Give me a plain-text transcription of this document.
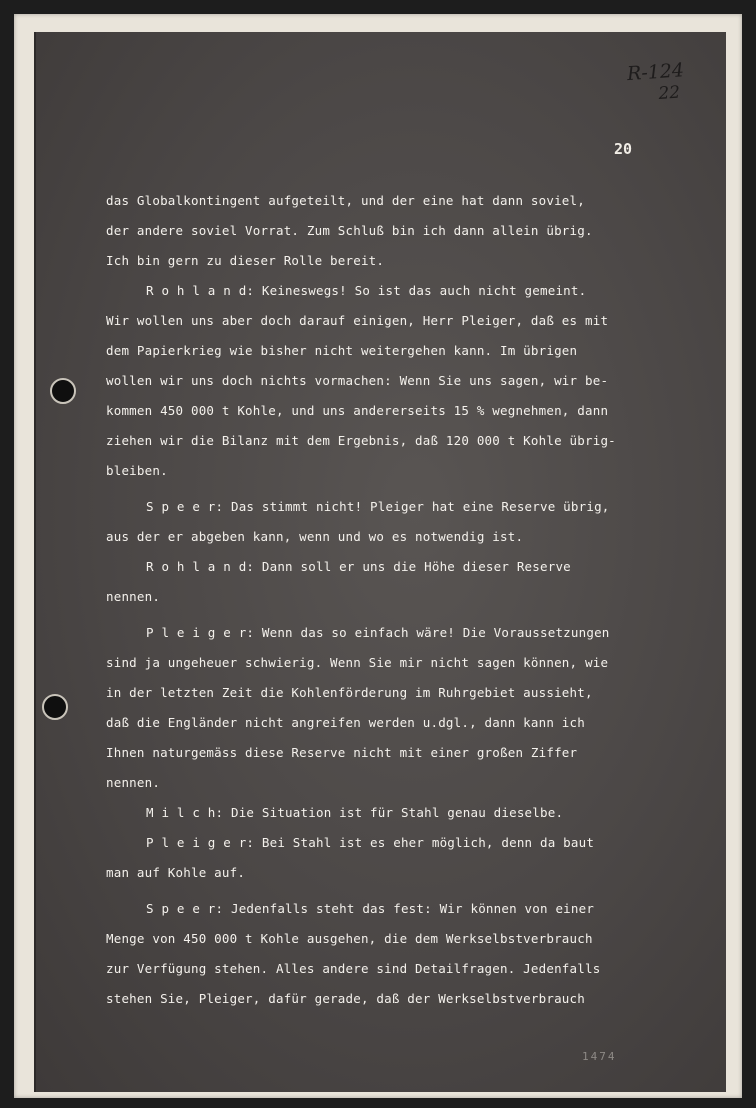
R-124
22
20
das Globalkontingent aufgeteilt, und der eine hat dann soviel,
der andere soviel Vorrat. Zum Schluß bin ich dann allein übrig.
Ich bin gern zu dieser Rolle bereit.
R o h l a n d: Keineswegs! So ist das auch nicht gemeint.
Wir wollen uns aber doch darauf einigen, Herr Pleiger, daß es mit
dem Papierkrieg wie bisher nicht weitergehen kann. Im übrigen
wollen wir uns doch nichts vormachen: Wenn Sie uns sagen, wir be-
kommen 450 000 t Kohle, und uns andererseits 15 % wegnehmen, dann
ziehen wir die Bilanz mit dem Ergebnis, daß 120 000 t Kohle übrig-
bleiben.
S p e e r: Das stimmt nicht! Pleiger hat eine Reserve übrig,
aus der er abgeben kann, wenn und wo es notwendig ist.
R o h l a n d: Dann soll er uns die Höhe dieser Reserve
nennen.
P l e i g e r: Wenn das so einfach wäre! Die Voraussetzungen
sind ja ungeheuer schwierig. Wenn Sie mir nicht sagen können, wie
in der letzten Zeit die Kohlenförderung im Ruhrgebiet aussieht,
daß die Engländer nicht angreifen werden u.dgl., dann kann ich
Ihnen naturgemäss diese Reserve nicht mit einer großen Ziffer
nennen.
M i l c h: Die Situation ist für Stahl genau dieselbe.
P l e i g e r: Bei Stahl ist es eher möglich, denn da baut
man auf Kohle auf.
S p e e r: Jedenfalls steht das fest: Wir können von einer
Menge von 450 000 t Kohle ausgehen, die dem Werkselbstverbrauch
zur Verfügung stehen. Alles andere sind Detailfragen. Jedenfalls
stehen Sie, Pleiger, dafür gerade, daß der Werkselbstverbrauch
1474
